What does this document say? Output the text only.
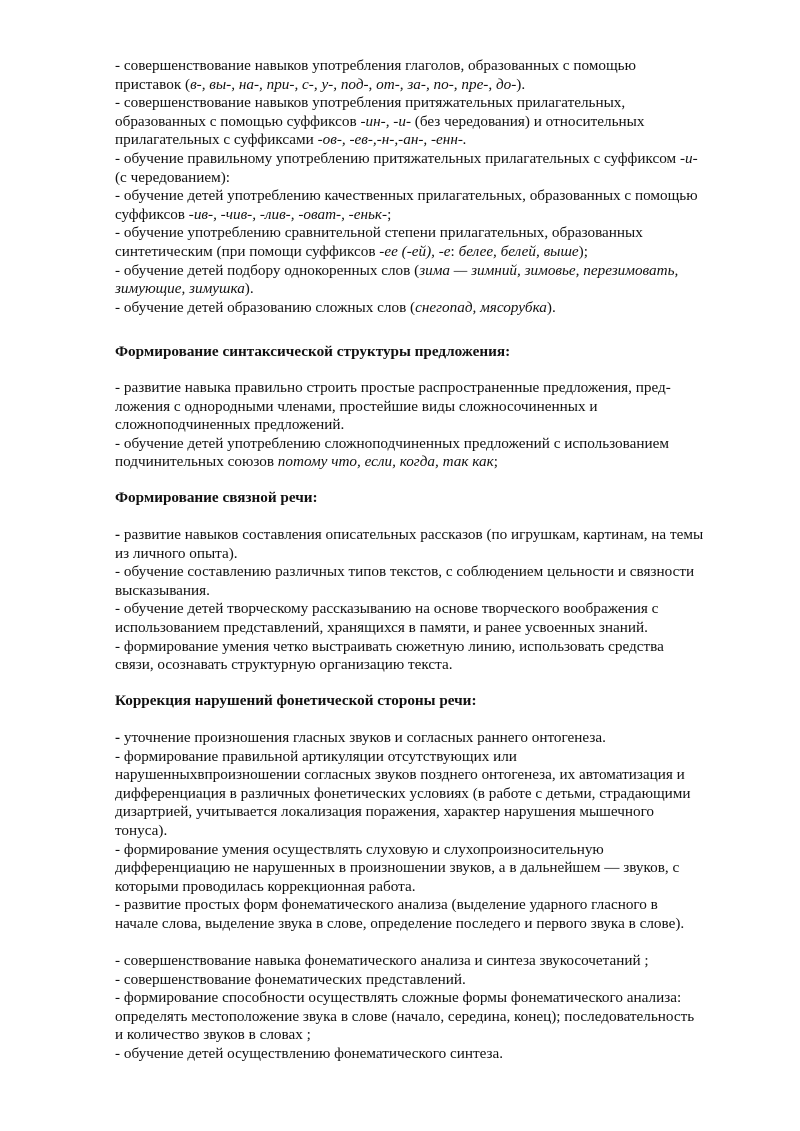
- совершенствование навыков употребления глаголов, образованных с помощью
приставок (в-, вы-, на-, при-, с-, у-, под-, от-, за-, по-, пре-, до-).
- совершенствование навыков употребления притяжательных прилагательных,
образованных с помощью суффиксов -ин-, -и- (без чередования) и относительных
прилагательных с суффиксами -ов-, -ев-,-н-,-ан-, -енн-.
- обучение правильному употреблению притяжательных прилагательных с суффиксом -и-
(с чередованием):
- обучение детей употреблению качественных прилагательных, образованных с помощью
суффиксов -ив-, -чив-, -лив-, -оват-, -еньк-;
- обучение употреблению сравнительной степени прилагательных, образованных
синтетическим (при помощи суффиксов -ее (-ей), -е: белее, белей, выше);
- обучение детей подбору однокоренных слов (зима — зимний, зимовье, перезимовать,
зимующие, зимушка).
- обучение детей образованию сложных слов (снегопад, мясорубка).
Формирование синтаксической структуры предложения:
- развитие навыка правильно строить простые распространенные предложения, пред-
ложения с однородными членами, простейшие виды сложносочиненных и
сложноподчиненных предложений.
- обучение детей употреблению сложноподчиненных предложений с использованием
подчинительных союзов потому что, если, когда, так как;
Формирование связной речи:
- развитие навыков составления описательных рассказов (по игрушкам, картинам, на темы
из личного опыта).
- обучение составлению различных типов текстов, с соблюдением цельности и связности
высказывания.
- обучение детей творческому рассказыванию на основе творческого воображения с
использованием представлений, хранящихся в памяти, и ранее усвоенных знаний.
- формирование умения четко выстраивать сюжетную линию, использовать средства
связи, осознавать структурную организацию текста.
Коррекция нарушений фонетической стороны речи:
- уточнение произношения гласных звуков и согласных раннего онтогенеза.
- формирование правильной артикуляции отсутствующих или
нарушенныхвпроизношении согласных звуков позднего онтогенеза, их автоматизация и
дифференциация в различных фонетических условиях (в работе с детьми, страдающими
дизартрией, учитывается локализация поражения, характер нарушения мышечного
тонуса).
- формирование умения осуществлять слуховую и слухопроизносительную
дифференциацию не нарушенных в произношении звуков, а в дальнейшем — звуков, с
которыми проводилась коррекционная работа.
- развитие простых форм фонематического анализа (выделение ударного гласного в
начале слова, выделение звука в слове, определение последего и первого звука в слове).
- совершенствование навыка фонематического анализа и синтеза звукосочетаний ;
- совершенствование фонематических представлений.
- формирование способности осуществлять сложные формы фонематического анализа:
определять местоположение звука в слове (начало, середина, конец); последовательность
и количество звуков в словах ;
- обучение детей осуществлению фонематического синтеза.
